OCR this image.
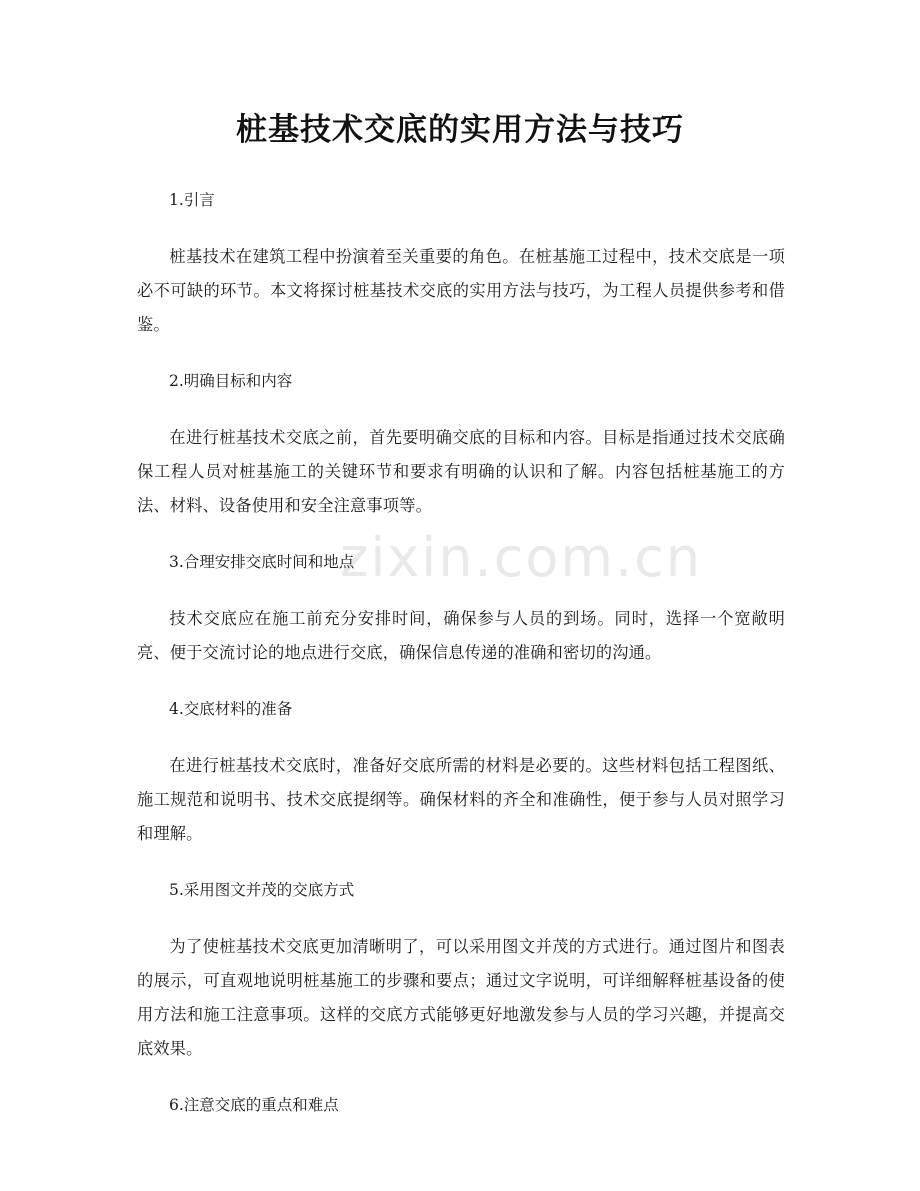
zixin.com.cn
桩基技术交底的实用方法与技巧
1.引言
桩基技术在建筑工程中扮演着至关重要的角色。在桩基施工过程中，技术交底是一项必不可缺的环节。本文将探讨桩基技术交底的实用方法与技巧，为工程人员提供参考和借鉴。
2.明确目标和内容
在进行桩基技术交底之前，首先要明确交底的目标和内容。目标是指通过技术交底确保工程人员对桩基施工的关键环节和要求有明确的认识和了解。内容包括桩基施工的方法、材料、设备使用和安全注意事项等。
3.合理安排交底时间和地点
技术交底应在施工前充分安排时间，确保参与人员的到场。同时，选择一个宽敞明亮、便于交流讨论的地点进行交底，确保信息传递的准确和密切的沟通。
4.交底材料的准备
在进行桩基技术交底时，准备好交底所需的材料是必要的。这些材料包括工程图纸、施工规范和说明书、技术交底提纲等。确保材料的齐全和准确性，便于参与人员对照学习和理解。
5.采用图文并茂的交底方式
为了使桩基技术交底更加清晰明了，可以采用图文并茂的方式进行。通过图片和图表的展示，可直观地说明桩基施工的步骤和要点；通过文字说明，可详细解释桩基设备的使用方法和施工注意事项。这样的交底方式能够更好地激发参与人员的学习兴趣，并提高交底效果。
6.注意交底的重点和难点
